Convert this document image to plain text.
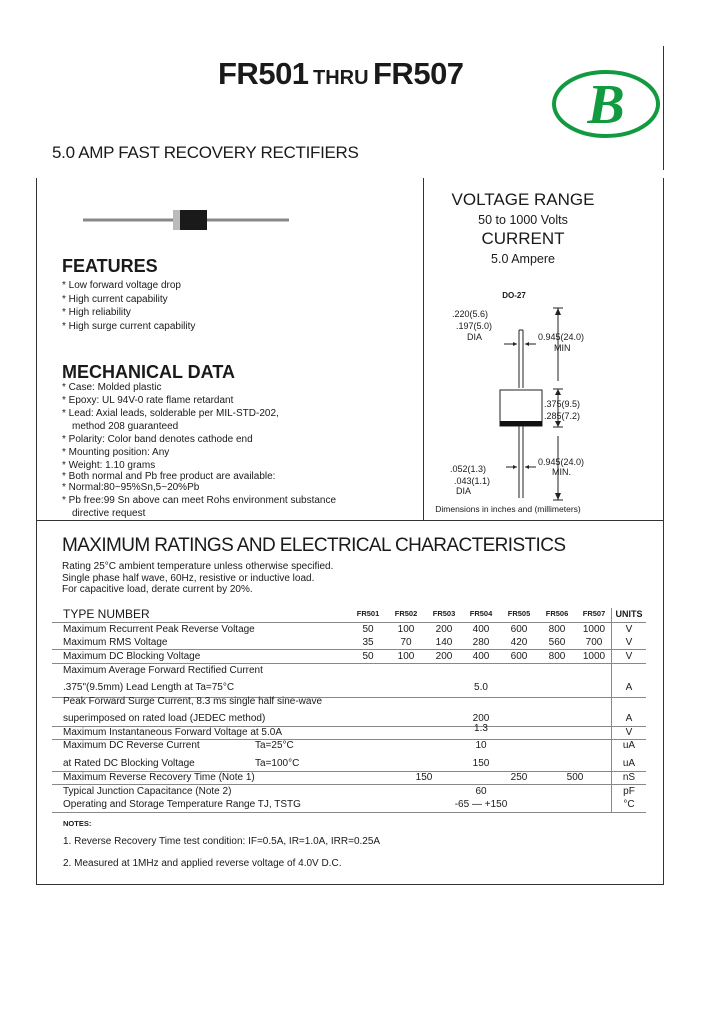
FR501 THRU FR507
B
5.0 AMP FAST RECOVERY RECTIFIERS
VOLTAGE RANGE
50 to 1000 Volts
CURRENT
5.0 Ampere
FEATURES
* Low forward voltage drop
* High current capability
* High reliability
* High surge current capability
MECHANICAL DATA
* Case: Molded plastic
* Epoxy: UL 94V-0 rate flame retardant
* Lead: Axial leads, solderable per MIL-STD-202,
method 208 guaranteed
* Polarity: Color band denotes cathode end
* Mounting position: Any
* Weight: 1.10 grams
* Both normal and Pb free product are available:
* Normal:80~95%Sn,5~20%Pb
* Pb free:99 Sn above can meet Rohs environment substance
directive request
DO-27
.220(5.6)
.197(5.0)
DIA	0.945(24.0)
MIN
.375(9.5)
.285(7.2)
0.945(24.0)
MIN.
.052(1.3)
.043(1.1)
DIA
Dimensions in inches and (millimeters)
MAXIMUM RATINGS AND ELECTRICAL CHARACTERISTICS
Rating 25°C ambient temperature unless otherwise specified.
Single phase half wave, 60Hz, resistive or inductive load.
For capacitive load, derate current by 20%.
TYPE NUMBER	FR501	FR502	FR503	FR504	FR505	FR506	FR507	UNITS
Maximum Recurrent Peak Reverse Voltage	50	100	200	400	600	800	1000	V
Maximum RMS Voltage	35	70	140	280	420	560	700	V
Maximum DC Blocking Voltage	50	100	200	400	600	800	1000	V
Maximum Average Forward Rectified Current
.375"(9.5mm) Lead Length at Ta=75°C	5.0	A
Peak Forward Surge Current, 8.3 ms single half sine-wave
superimposed on rated load (JEDEC method)	200	A
Maximum Instantaneous Forward Voltage at 5.0A	1.3	V
Maximum DC Reverse Current	Ta=25°C	10	uA
at Rated DC Blocking Voltage	Ta=100°C	150	uA
Maximum Reverse Recovery Time (Note 1)	150	250	500	nS
Typical Junction Capacitance (Note 2)	60	pF
Operating and Storage Temperature Range TJ, TSTG	-65 — +150	°C
NOTES:
1. Reverse Recovery Time test condition: IF=0.5A, IR=1.0A, IRR=0.25A
2. Measured at 1MHz and applied reverse voltage of 4.0V D.C.
